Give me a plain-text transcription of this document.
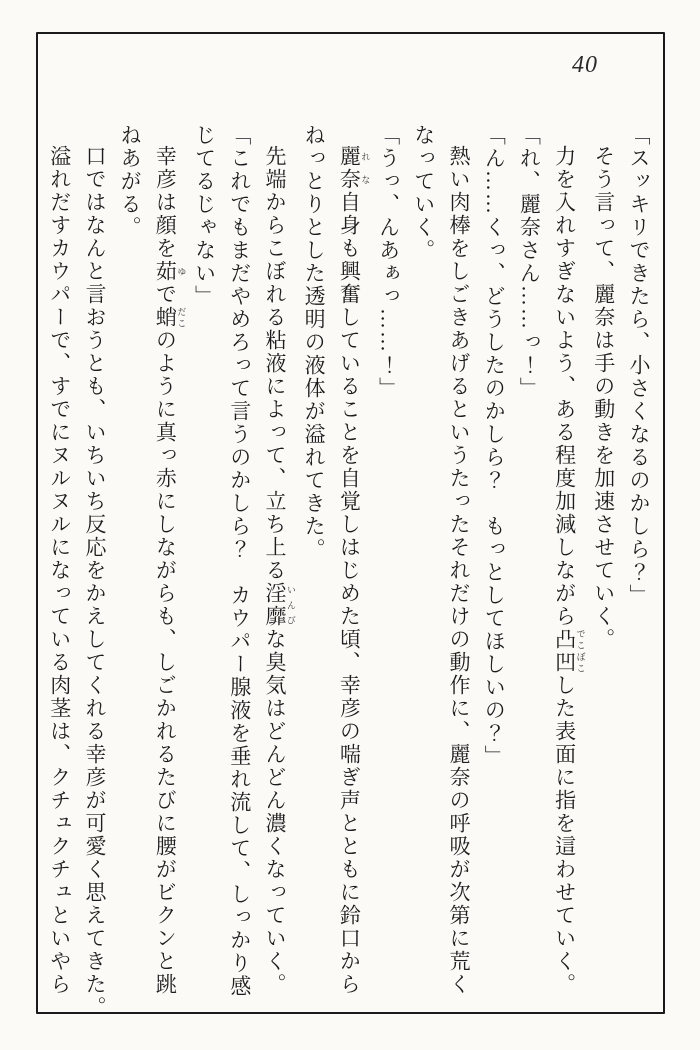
40

「スッキリできたら、小さくなるのかしら？」

そう言って、麗奈は手の動きを加速させていく。

力を入れすぎないよう、ある程度加減しながら凸凹 でこぼこした表面に指を這わせていく。

「れ、麗奈さん……っ！」

「ん……くっ、どうしたのかしら？　もっとしてほしいの？」

熱い肉棒をしごきあげるというたったそれだけの動作に、麗奈の呼吸が次第に荒く

なっていく。

「うっ、んあぁっ……！」

麗奈 れな自身も興奮していることを自覚しはじめた頃、幸彦の喘ぎ声とともに鈴口から

ねっとりとした透明の液体が溢れてきた。

先端からこぼれる粘液によって、立ち上る淫靡 いんびな臭気はどんどん濃くなっていく。

「これでもまだやめろって言うのかしら？　カウパー腺液を垂れ流して、しっかり感

じてるじゃない」

幸彦は顔を茹 ゆで蛸 だこのように真っ赤にしながらも、しごかれるたびに腰がビクンと跳

ねあがる。

口ではなんと言おうとも、いちいち反応をかえしてくれる幸彦が可愛く思えてきた。

溢れだすカウパーで、すでにヌルヌルになっている肉茎は、クチュクチュといやら
